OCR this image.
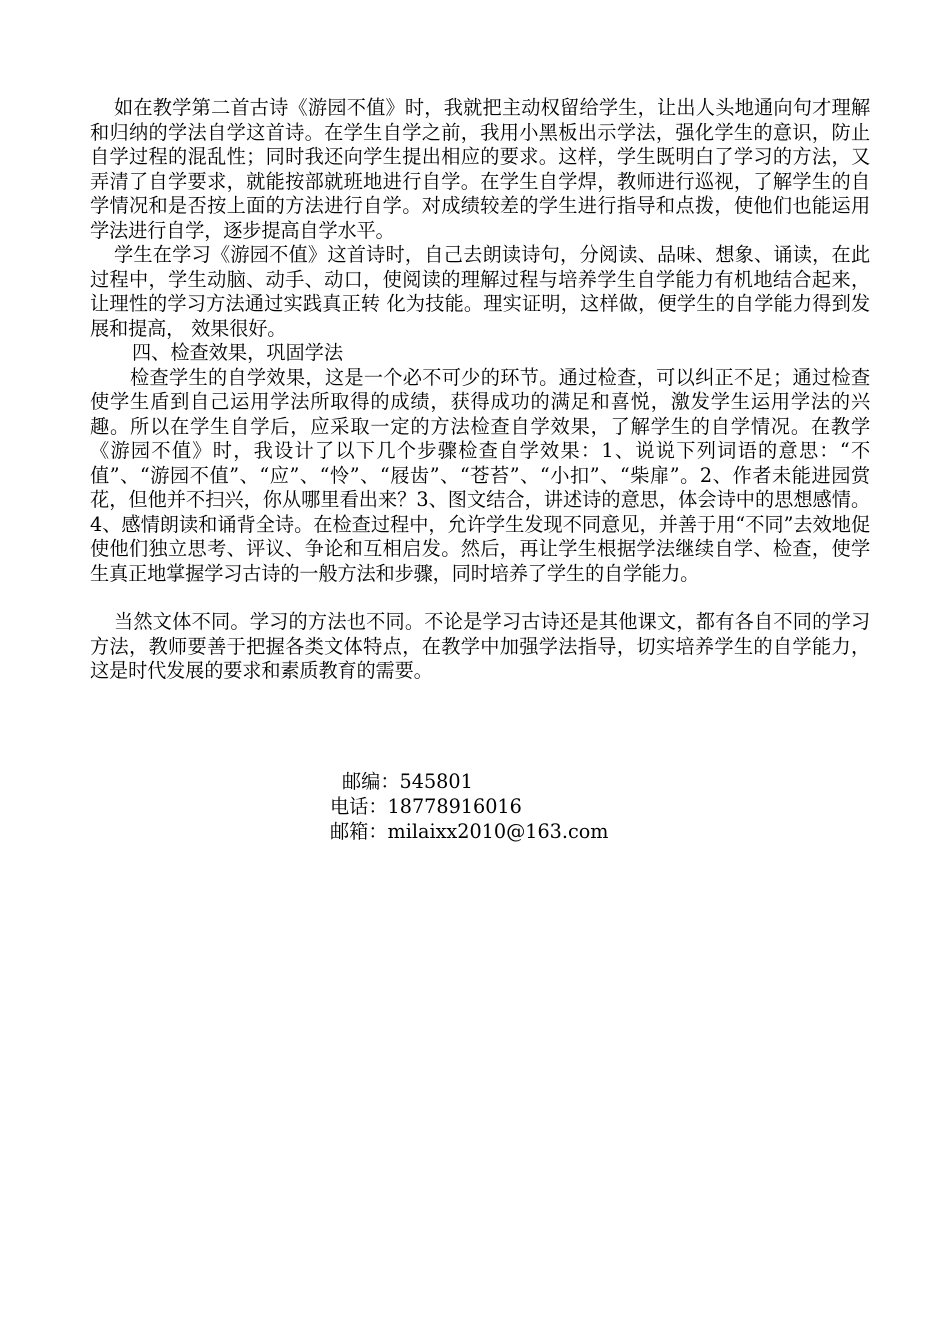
如在教学第二首古诗《游园不值》时，我就把主动权留给学生，让出人头地通向句才理解和归纳的学法自学这首诗。在学生自学之前，我用小黑板出示学法，强化学生的意识，防止自学过程的混乱性；同时我还向学生提出相应的要求。这样，学生既明白了学习的方法，又弄清了自学要求，就能按部就班地进行自学。在学生自学焊，教师进行巡视，了解学生的自学情况和是否按上面的方法进行自学。对成绩较差的学生进行指导和点拨，使他们也能运用学法进行自学，逐步提高自学水平。

学生在学习《游园不值》这首诗时，自己去朗读诗句，分阅读、品味、想象、诵读，在此过程中，学生动脑、动手、动口，使阅读的理解过程与培养学生自学能力有机地结合起来，让理性的学习方法通过实践真正转 化为技能。理实证明，这样做，便学生的自学能力得到发展和提高， 效果很好。

四、检查效果，巩固学法

检查学生的自学效果，这是一个必不可少的环节。通过检查，可以纠正不足；通过检查使学生盾到自己运用学法所取得的成绩，获得成功的满足和喜悦，激发学生运用学法的兴趣。所以在学生自学后，应采取一定的方法检查自学效果，了解学生的自学情况。在教学《游园不值》时，我设计了以下几个步骤检查自学效果：1、说说下列词语的意思：“不值”、“游园不值”、“应”、“怜”、“屐齿”、“苍苔”、“小扣”、“柴扉”。2、作者未能进园赏花，但他并不扫兴，你从哪里看出来？3、图文结合，讲述诗的意思，体会诗中的思想感情。4、感情朗读和诵背全诗。在检查过程中，允许学生发现不同意见，并善于用“不同”去效地促使他们独立思考、评议、争论和互相启发。然后，再让学生根据学法继续自学、检查，使学生真正地掌握学习古诗的一般方法和步骤，同时培养了学生的自学能力。

当然文体不同。学习的方法也不同。不论是学习古诗还是其他课文，都有各自不同的学习方法，教师要善于把握各类文体特点，在教学中加强学法指导，切实培养学生的自学能力，这是时代发展的要求和素质教育的需要。

邮编：545801

电话：18778916016

邮箱：milaixx2010@163.com
